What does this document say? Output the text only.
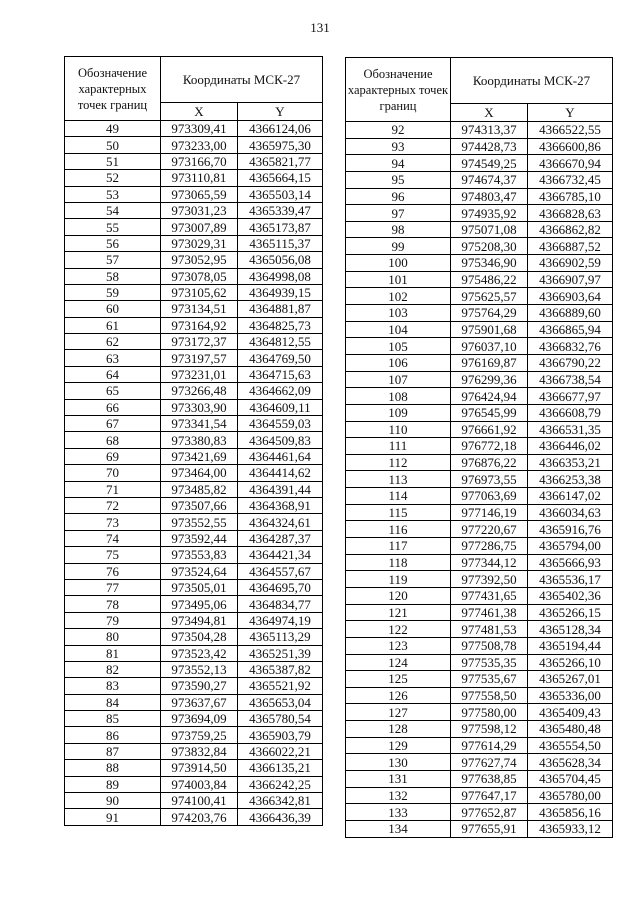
131
Обозначение характерных точек границ	Координаты МСК-27	
	X	Y
49	973309,41	4366124,06
50	973233,00	4365975,30
51	973166,70	4365821,77
52	973110,81	4365664,15
53	973065,59	4365503,14
54	973031,23	4365339,47
55	973007,89	4365173,87
56	973029,31	4365115,37
57	973052,95	4365056,08
58	973078,05	4364998,08
59	973105,62	4364939,15
60	973134,51	4364881,87
61	973164,92	4364825,73
62	973172,37	4364812,55
63	973197,57	4364769,50
64	973231,01	4364715,63
65	973266,48	4364662,09
66	973303,90	4364609,11
67	973341,54	4364559,03
68	973380,83	4364509,83
69	973421,69	4364461,64
70	973464,00	4364414,62
71	973485,82	4364391,44
72	973507,66	4364368,91
73	973552,55	4364324,61
74	973592,44	4364287,37
75	973553,83	4364421,34
76	973524,64	4364557,67
77	973505,01	4364695,70
78	973495,06	4364834,77
79	973494,81	4364974,19
80	973504,28	4365113,29
81	973523,42	4365251,39
82	973552,13	4365387,82
83	973590,27	4365521,92
84	973637,67	4365653,04
85	973694,09	4365780,54
86	973759,25	4365903,79
87	973832,84	4366022,21
88	973914,50	4366135,21
89	974003,84	4366242,25
90	974100,41	4366342,81
91	974203,76	4366436,39
Обозначение характерных точек границ	Координаты МСК-27	
	X	Y
92	974313,37	4366522,55
93	974428,73	4366600,86
94	974549,25	4366670,94
95	974674,37	4366732,45
96	974803,47	4366785,10
97	974935,92	4366828,63
98	975071,08	4366862,82
99	975208,30	4366887,52
100	975346,90	4366902,59
101	975486,22	4366907,97
102	975625,57	4366903,64
103	975764,29	4366889,60
104	975901,68	4366865,94
105	976037,10	4366832,76
106	976169,87	4366790,22
107	976299,36	4366738,54
108	976424,94	4366677,97
109	976545,99	4366608,79
110	976661,92	4366531,35
111	976772,18	4366446,02
112	976876,22	4366353,21
113	976973,55	4366253,38
114	977063,69	4366147,02
115	977146,19	4366034,63
116	977220,67	4365916,76
117	977286,75	4365794,00
118	977344,12	4365666,93
119	977392,50	4365536,17
120	977431,65	4365402,36
121	977461,38	4365266,15
122	977481,53	4365128,34
123	977508,78	4365194,44
124	977535,35	4365266,10
125	977535,67	4365267,01
126	977558,50	4365336,00
127	977580,00	4365409,43
128	977598,12	4365480,48
129	977614,29	4365554,50
130	977627,74	4365628,34
131	977638,85	4365704,45
132	977647,17	4365780,00
133	977652,87	4365856,16
134	977655,91	4365933,12
